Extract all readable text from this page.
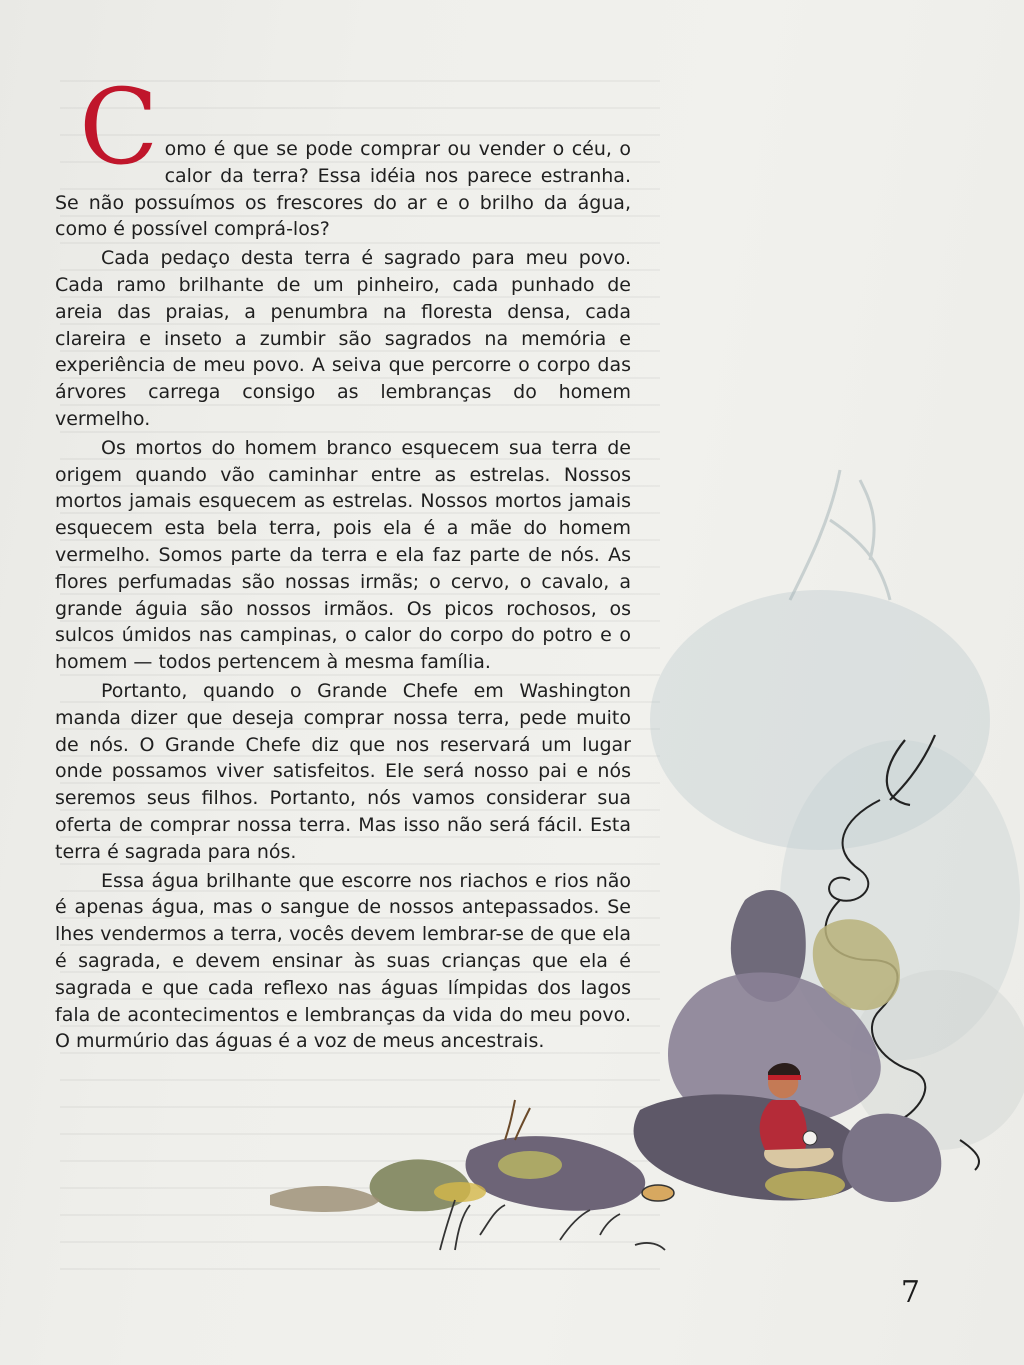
Como é que se pode comprar ou vender o céu, o calor da terra? Essa idéia nos parece estranha. Se não possuímos os frescores do ar e o brilho da água, como é possível comprá-los?

Cada pedaço desta terra é sagrado para meu povo. Cada ramo brilhante de um pinheiro, cada punhado de areia das praias, a penumbra na floresta densa, cada clareira e inseto a zumbir são sagrados na memória e experiência de meu povo. A seiva que percorre o corpo das árvores carrega consigo as lembranças do homem vermelho.

Os mortos do homem branco esquecem sua terra de origem quando vão caminhar entre as estrelas. Nossos mortos jamais esquecem as estrelas. Nossos mortos jamais esquecem esta bela terra, pois ela é a mãe do homem vermelho. Somos parte da terra e ela faz parte de nós. As flores perfumadas são nossas irmãs; o cervo, o cavalo, a grande águia são nossos irmãos. Os picos rochosos, os sulcos úmidos nas campinas, o calor do corpo do potro e o homem — todos pertencem à mesma família.

Portanto, quando o Grande Chefe em Washington manda dizer que deseja comprar nossa terra, pede muito de nós. O Grande Chefe diz que nos reservará um lugar onde possamos viver satisfeitos. Ele será nosso pai e nós seremos seus filhos. Portanto, nós vamos considerar sua oferta de comprar nossa terra. Mas isso não será fácil. Esta terra é sagrada para nós.

Essa água brilhante que escorre nos riachos e rios não é apenas água, mas o sangue de nossos antepassados. Se lhes vendermos a terra, vocês devem lembrar-se de que ela é sagrada, e devem ensinar às suas crianças que ela é sagrada e que cada reflexo nas águas límpidas dos lagos fala de acontecimentos e lembranças da vida do meu povo. O murmúrio das águas é a voz de meus ancestrais.

7
